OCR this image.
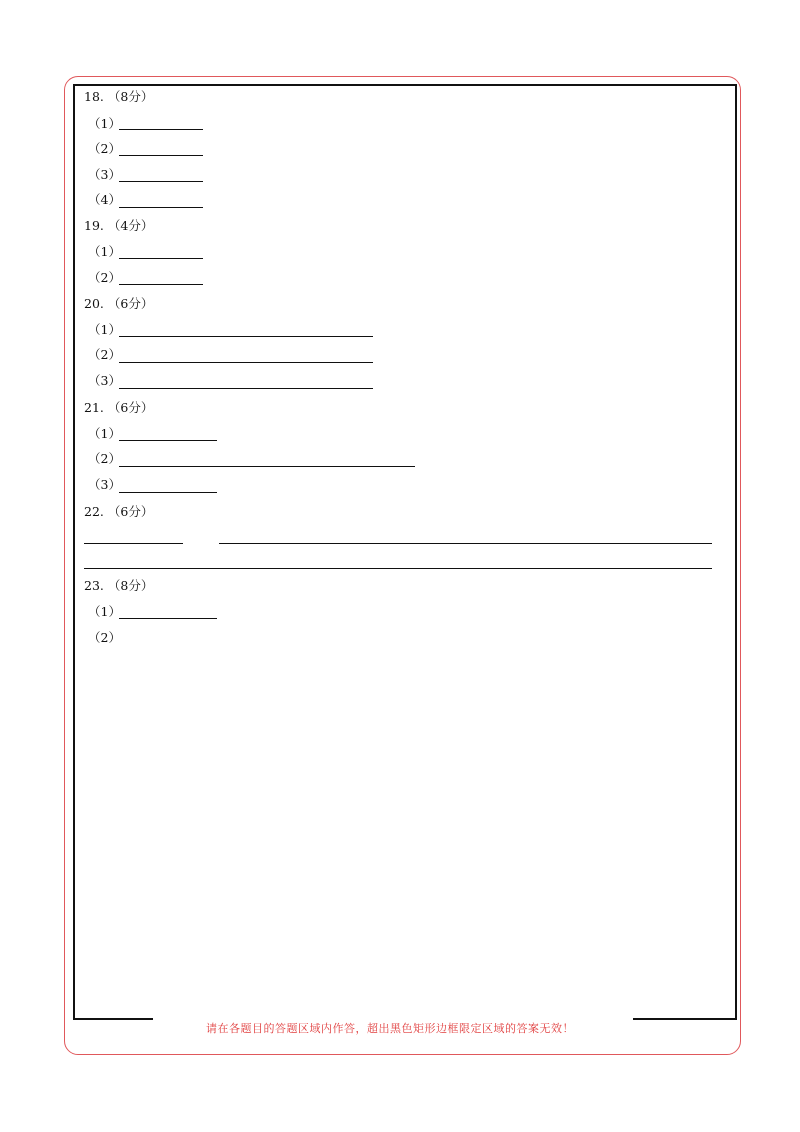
18. （8分）
（1）
（2）
（3）
（4）
19. （4分）
（1）
（2）
20. （6分）
（1）
（2）
（3）
21. （6分）
（1）
（2）
（3）
22. （6分）
23. （8分）
（1）
（2）
请在各题目的答题区域内作答，超出黑色矩形边框限定区域的答案无效！
